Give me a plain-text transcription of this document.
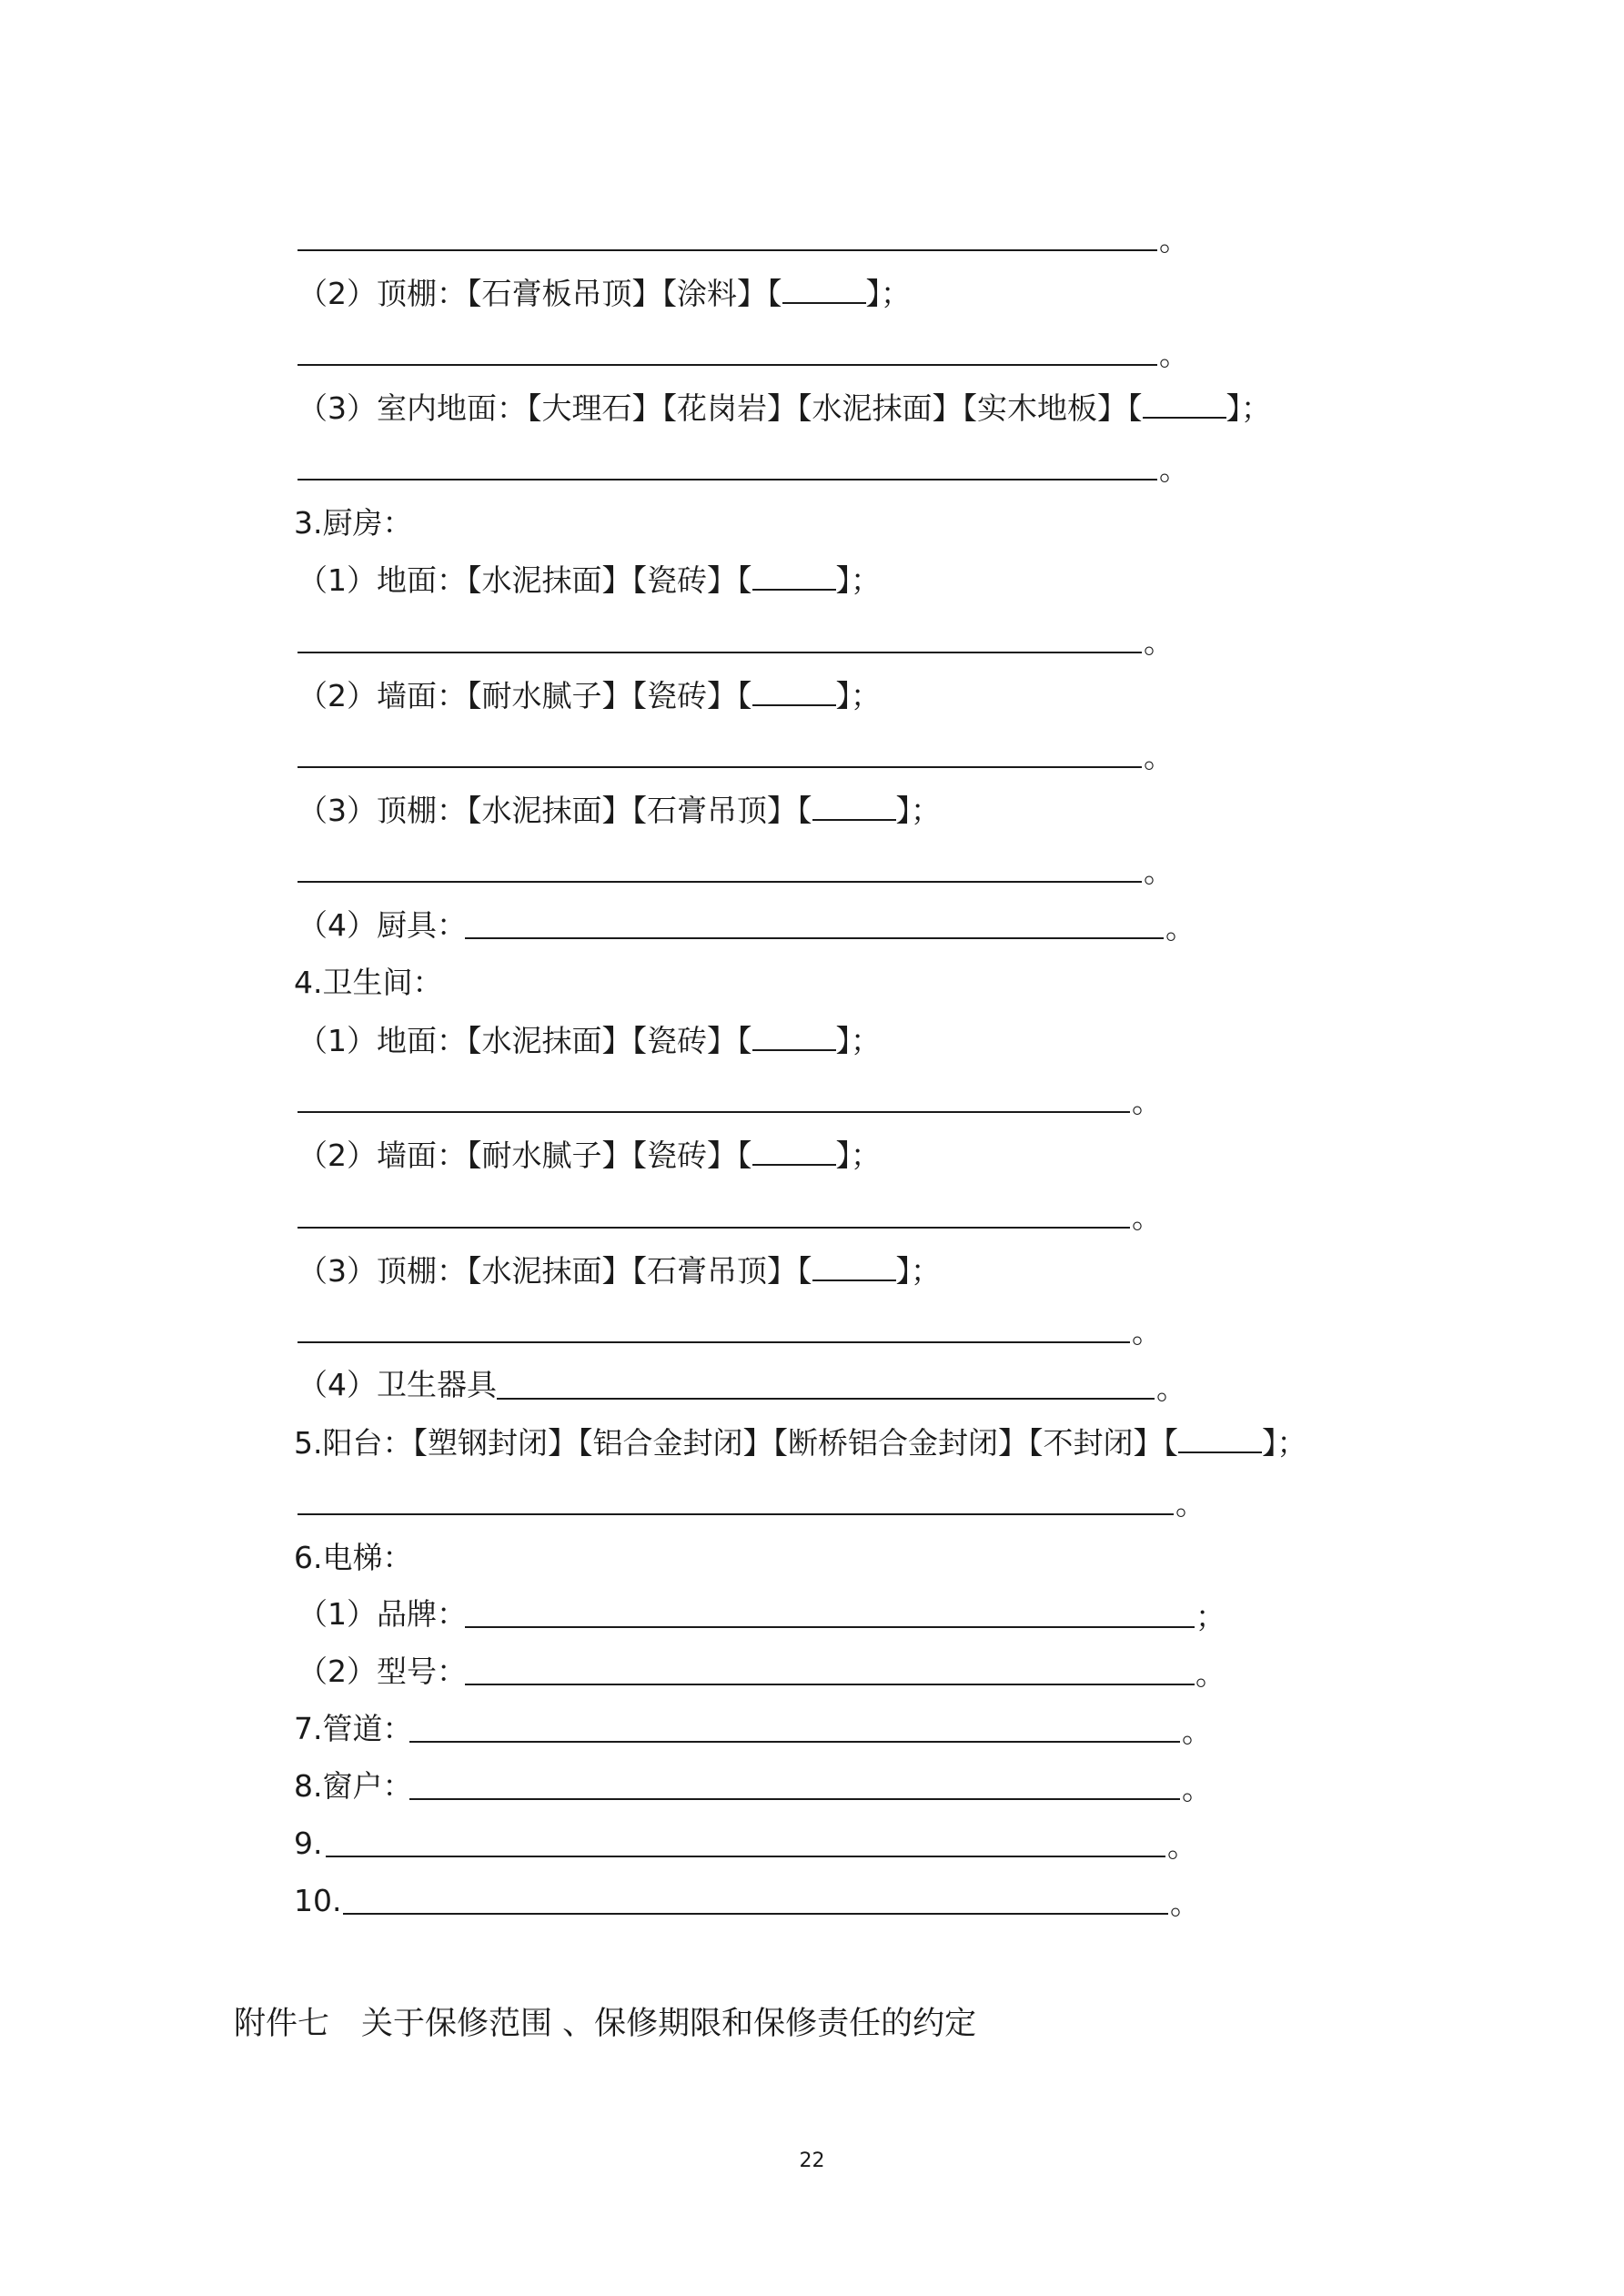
。
（2）顶棚：【石膏板吊顶】【涂料】【	】；
。
（3）室内地面：【大理石】【花岗岩】【水泥抹面】【实木地板】【	】；
。
3.厨房：
（1）地面：【水泥抹面】【瓷砖】【	】；
。
（2）墙面：【耐水腻子】【瓷砖】【	】；
。
（3）顶棚：【水泥抹面】【石膏吊顶】【	】；
。
（4）厨具：	。
4.卫生间：
（1）地面：【水泥抹面】【瓷砖】【	】；
。
（2）墙面：【耐水腻子】【瓷砖】【	】；
。
（3）顶棚：【水泥抹面】【石膏吊顶】【	】；
。
（4）卫生器具	。
5.阳台：【塑钢封闭】【铝合金封闭】【断桥铝合金封闭】【不封闭】【	】；
。
6.电梯：
（1）品牌：	；
（2）型号：	。
7.管道：	。
8.窗户：	。
9.	。
10.	。
附件七　关于保修范围 、保修期限和保修责任的约定
22
